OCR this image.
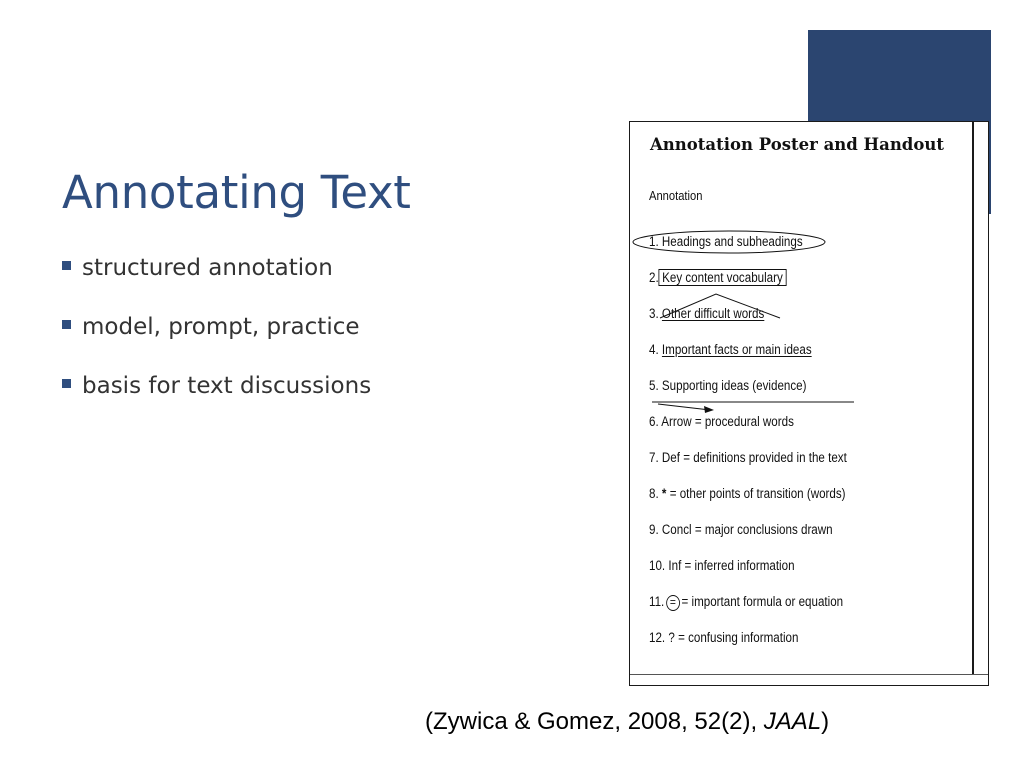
Annotating Text
structured annotation
model, prompt, practice
basis for text discussions
Annotation Poster and Handout
Annotation
1. Headings and subheadings
2. Key content vocabulary
3. Other difficult words
4. Important facts or main ideas
5. Supporting ideas (evidence)
6. Arrow = procedural words
7. Def = definitions provided in the text
8. * = other points of transition (words)
9. Concl = major conclusions drawn
10. Inf = inferred information
11. = = important formula or equation
12. ? = confusing information
(Zywica & Gomez, 2008, 52(2), JAAL)
